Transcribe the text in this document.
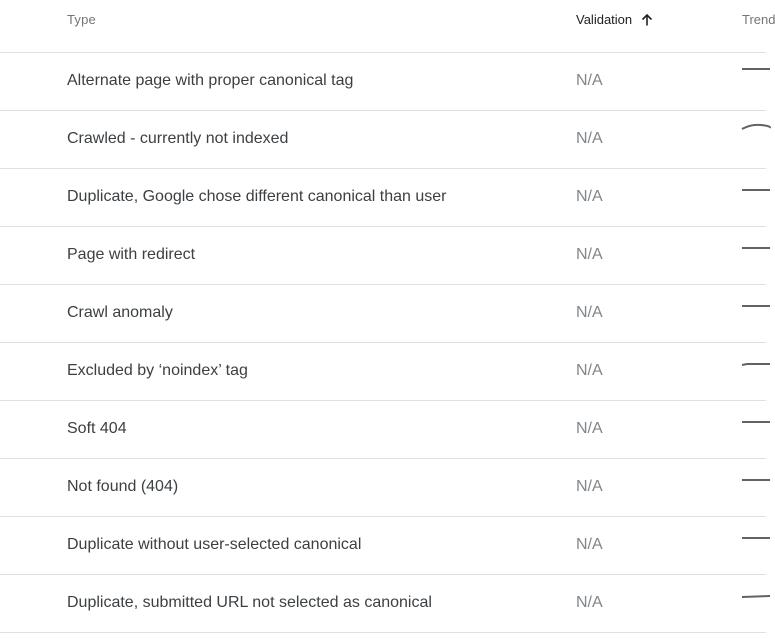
Type	Validation	Trend
Alternate page with proper canonical tag	N/A
Crawled - currently not indexed	N/A
Duplicate, Google chose different canonical than user	N/A
Page with redirect	N/A
Crawl anomaly	N/A
Excluded by ‘noindex’ tag	N/A
Soft 404	N/A
Not found (404)	N/A
Duplicate without user-selected canonical	N/A
Duplicate, submitted URL not selected as canonical	N/A
